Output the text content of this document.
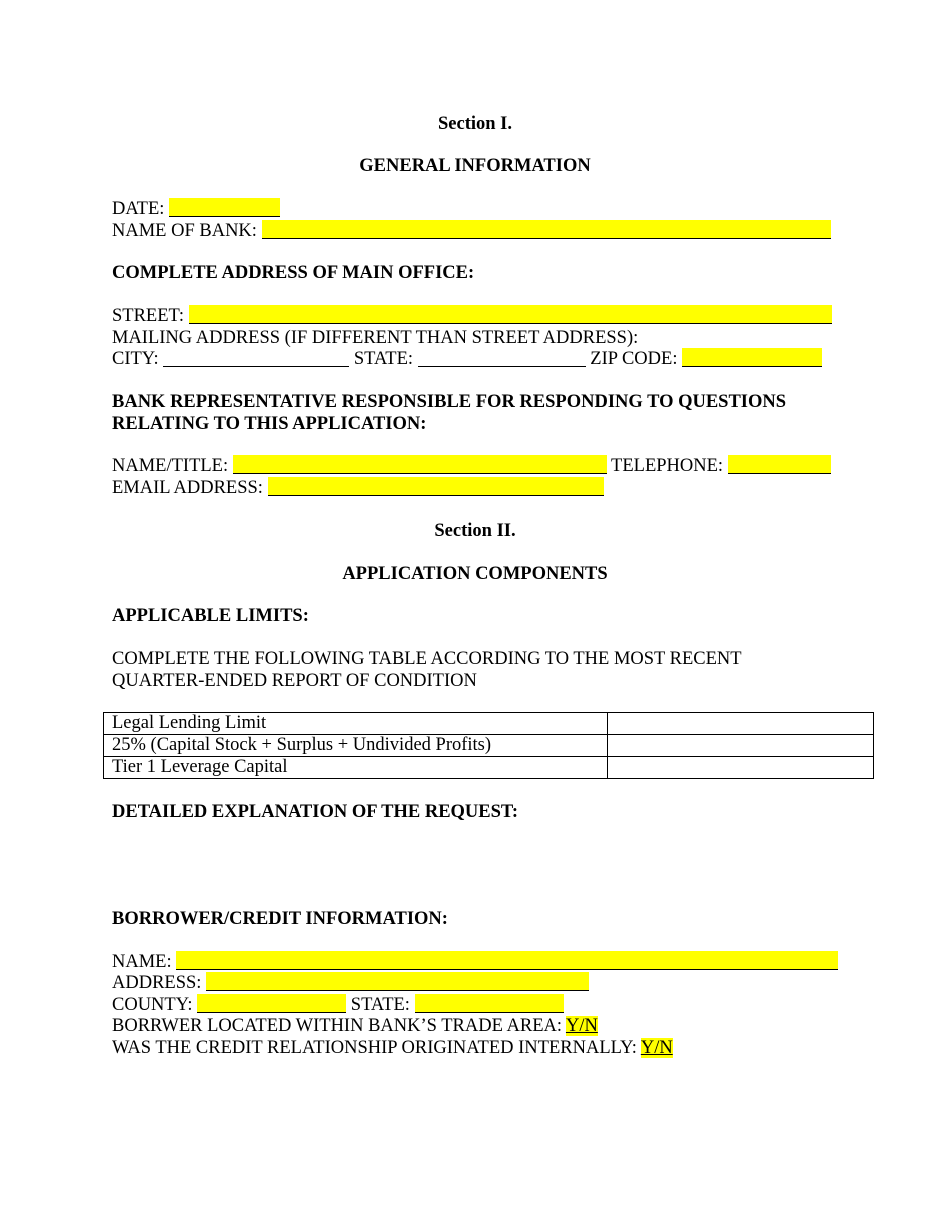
Section I.
GENERAL INFORMATION
DATE:
NAME OF BANK:
COMPLETE ADDRESS OF MAIN OFFICE:
STREET:
MAILING ADDRESS (IF DIFFERENT THAN STREET ADDRESS):
CITY:	STATE:	ZIP CODE:
BANK REPRESENTATIVE RESPONSIBLE FOR RESPONDING TO QUESTIONS
RELATING TO THIS APPLICATION:
NAME/TITLE:	TELEPHONE:
EMAIL ADDRESS:
Section II.
APPLICATION COMPONENTS
APPLICABLE LIMITS:
COMPLETE THE FOLLOWING TABLE ACCORDING TO THE MOST RECENT
QUARTER-ENDED REPORT OF CONDITION
Legal Lending Limit	
25% (Capital Stock + Surplus + Undivided Profits)	
Tier 1 Leverage Capital	
DETAILED EXPLANATION OF THE REQUEST:
BORROWER/CREDIT INFORMATION:
NAME:
ADDRESS:
COUNTY:	STATE:
BORRWER LOCATED WITHIN BANK’S TRADE AREA: Y/N
WAS THE CREDIT RELATIONSHIP ORIGINATED INTERNALLY: Y/N
